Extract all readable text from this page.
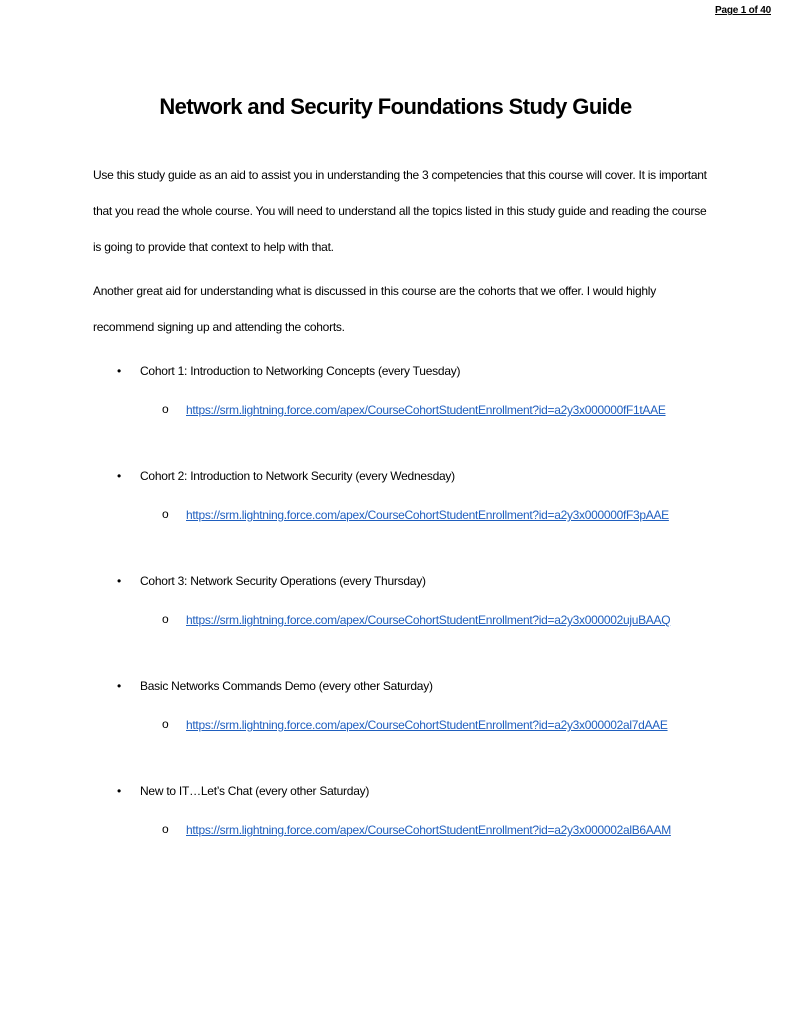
Page 1 of 40
Network and Security Foundations Study Guide

Use this study guide as an aid to assist you in understanding the 3 competencies that this course will cover. It is important that you read the whole course. You will need to understand all the topics listed in this study guide and reading the course is going to provide that context to help with that.

Another great aid for understanding what is discussed in this course are the cohorts that we offer. I would highly recommend signing up and attending the cohorts.

• Cohort 1: Introduction to Networking Concepts (every Tuesday)
o https://srm.lightning.force.com/apex/CourseCohortStudentEnrollment?id=a2y3x000000fF1tAAE
• Cohort 2: Introduction to Network Security (every Wednesday)
o https://srm.lightning.force.com/apex/CourseCohortStudentEnrollment?id=a2y3x000000fF3pAAE
• Cohort 3: Network Security Operations (every Thursday)
o https://srm.lightning.force.com/apex/CourseCohortStudentEnrollment?id=a2y3x000002ujuBAAQ
• Basic Networks Commands Demo (every other Saturday)
o https://srm.lightning.force.com/apex/CourseCohortStudentEnrollment?id=a2y3x000002al7dAAE
• New to IT…Let’s Chat (every other Saturday)
o https://srm.lightning.force.com/apex/CourseCohortStudentEnrollment?id=a2y3x000002alB6AAM
